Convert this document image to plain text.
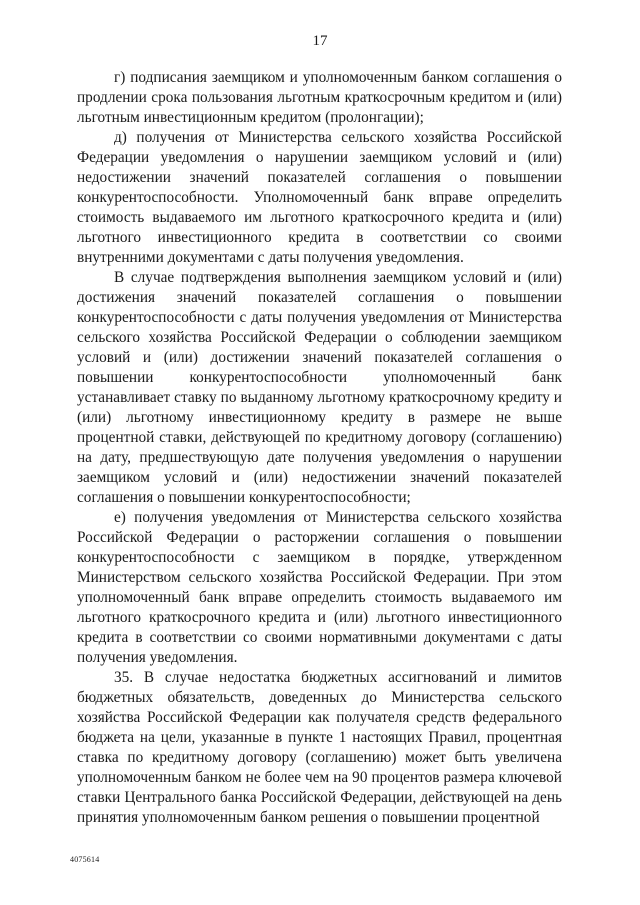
17

г) подписания заемщиком и уполномоченным банком соглашения о продлении срока пользования льготным краткосрочным кредитом и (или) льготным инвестиционным кредитом (пролонгации);

д) получения от Министерства сельского хозяйства Российской Федерации уведомления о нарушении заемщиком условий и (или) недостижении значений показателей соглашения о повышении конкурентоспособности. Уполномоченный банк вправе определить стоимость выдаваемого им льготного краткосрочного кредита и (или) льготного инвестиционного кредита в соответствии со своими внутренними документами с даты получения уведомления.

В случае подтверждения выполнения заемщиком условий и (или) достижения значений показателей соглашения о повышении конкурентоспособности с даты получения уведомления от Министерства сельского хозяйства Российской Федерации о соблюдении заемщиком условий и (или) достижении значений показателей соглашения о повышении конкурентоспособности уполномоченный банк устанавливает ставку по выданному льготному краткосрочному кредиту и (или) льготному инвестиционному кредиту в размере не выше процентной ставки, действующей по кредитному договору (соглашению) на дату, предшествующую дате получения уведомления о нарушении заемщиком условий и (или) недостижении значений показателей соглашения о повышении конкурентоспособности;

е) получения уведомления от Министерства сельского хозяйства Российской Федерации о расторжении соглашения о повышении конкурентоспособности с заемщиком в порядке, утвержденном Министерством сельского хозяйства Российской Федерации. При этом уполномоченный банк вправе определить стоимость выдаваемого им льготного краткосрочного кредита и (или) льготного инвестиционного кредита в соответствии со своими нормативными документами с даты получения уведомления.

35. В случае недостатка бюджетных ассигнований и лимитов бюджетных обязательств, доведенных до Министерства сельского хозяйства Российской Федерации как получателя средств федерального бюджета на цели, указанные в пункте 1 настоящих Правил, процентная ставка по кредитному договору (соглашению) может быть увеличена уполномоченным банком не более чем на 90 процентов размера ключевой ставки Центрального банка Российской Федерации, действующей на день принятия уполномоченным банком решения о повышении процентной

4075614
